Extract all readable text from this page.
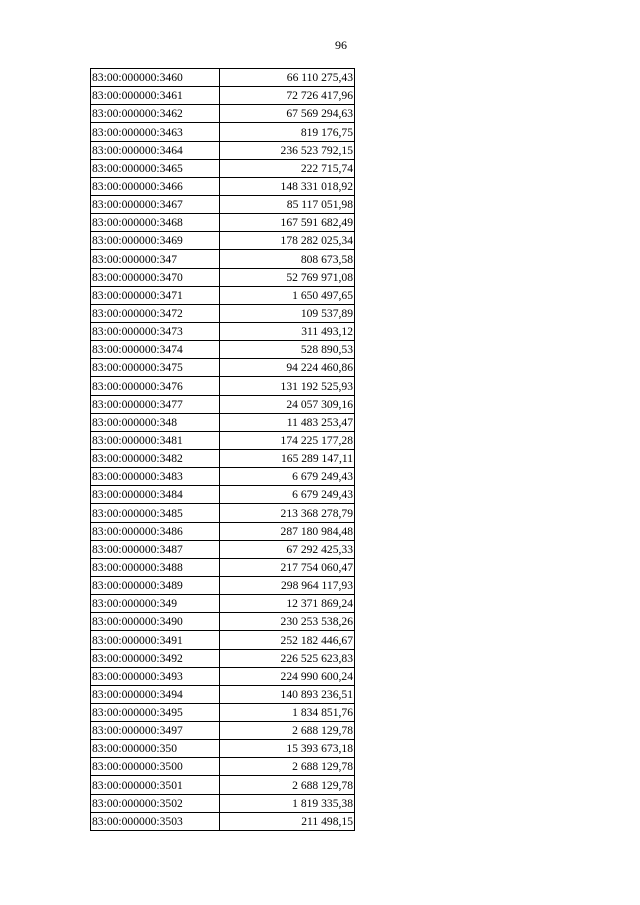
96
83:00:000000:3460	66 110 275,43
83:00:000000:3461	72 726 417,96
83:00:000000:3462	67 569 294,63
83:00:000000:3463	819 176,75
83:00:000000:3464	236 523 792,15
83:00:000000:3465	222 715,74
83:00:000000:3466	148 331 018,92
83:00:000000:3467	85 117 051,98
83:00:000000:3468	167 591 682,49
83:00:000000:3469	178 282 025,34
83:00:000000:347	808 673,58
83:00:000000:3470	52 769 971,08
83:00:000000:3471	1 650 497,65
83:00:000000:3472	109 537,89
83:00:000000:3473	311 493,12
83:00:000000:3474	528 890,53
83:00:000000:3475	94 224 460,86
83:00:000000:3476	131 192 525,93
83:00:000000:3477	24 057 309,16
83:00:000000:348	11 483 253,47
83:00:000000:3481	174 225 177,28
83:00:000000:3482	165 289 147,11
83:00:000000:3483	6 679 249,43
83:00:000000:3484	6 679 249,43
83:00:000000:3485	213 368 278,79
83:00:000000:3486	287 180 984,48
83:00:000000:3487	67 292 425,33
83:00:000000:3488	217 754 060,47
83:00:000000:3489	298 964 117,93
83:00:000000:349	12 371 869,24
83:00:000000:3490	230 253 538,26
83:00:000000:3491	252 182 446,67
83:00:000000:3492	226 525 623,83
83:00:000000:3493	224 990 600,24
83:00:000000:3494	140 893 236,51
83:00:000000:3495	1 834 851,76
83:00:000000:3497	2 688 129,78
83:00:000000:350	15 393 673,18
83:00:000000:3500	2 688 129,78
83:00:000000:3501	2 688 129,78
83:00:000000:3502	1 819 335,38
83:00:000000:3503	211 498,15
